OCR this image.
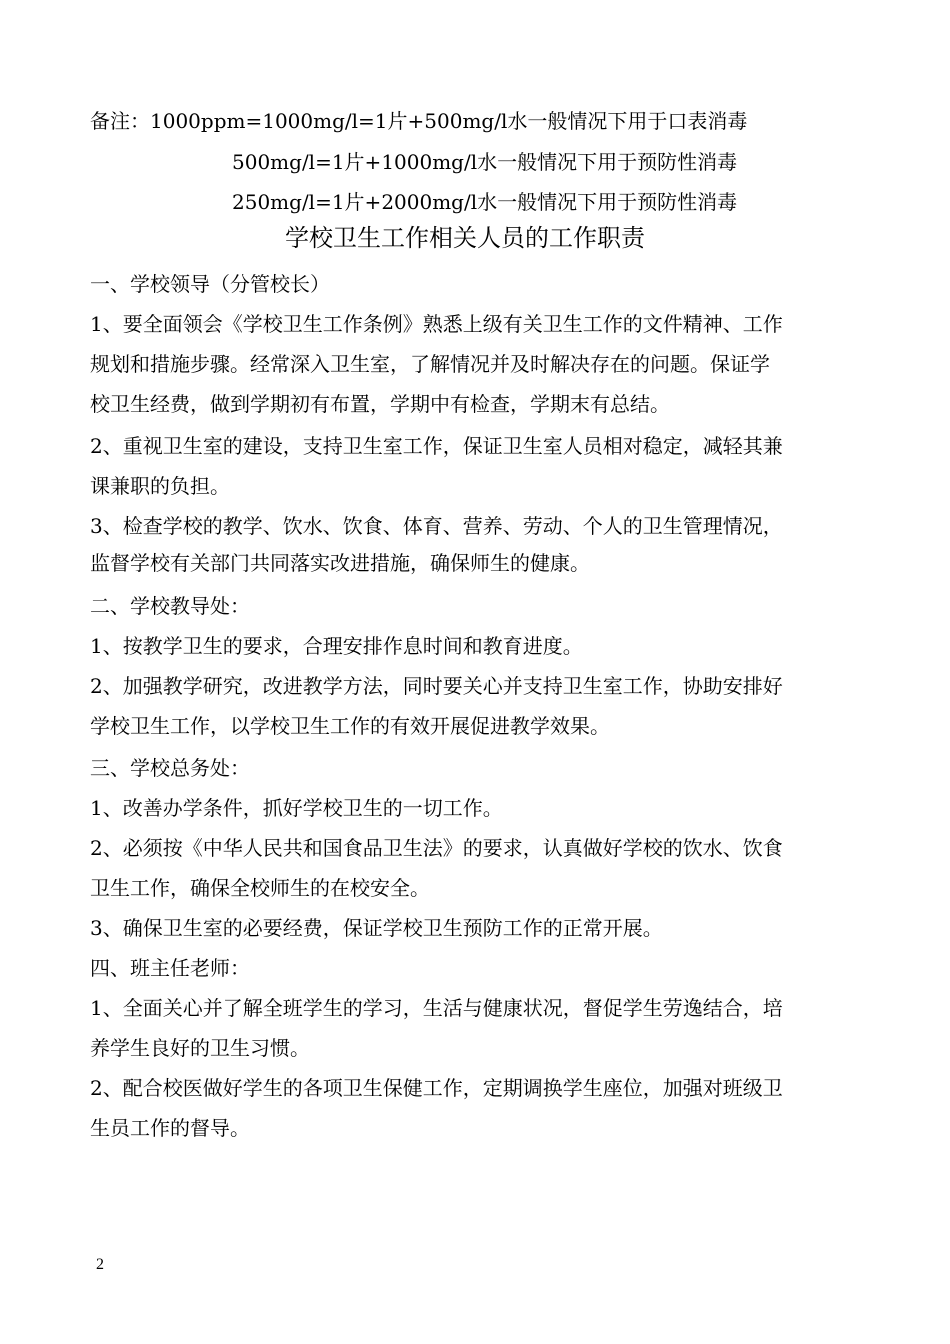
备注：1000ppm=1000mg/l=1片+500mg/l水一般情况下用于口表消毒
500mg/l=1片+1000mg/l水一般情况下用于预防性消毒
250mg/l=1片+2000mg/l水一般情况下用于预防性消毒
学校卫生工作相关人员的工作职责
一、学校领导（分管校长）
1、要全面领会《学校卫生工作条例》熟悉上级有关卫生工作的文件精神、工作
规划和措施步骤。经常深入卫生室，了解情况并及时解决存在的问题。保证学
校卫生经费，做到学期初有布置，学期中有检查，学期末有总结。
2、重视卫生室的建设，支持卫生室工作，保证卫生室人员相对稳定，减轻其兼
课兼职的负担。
3、检查学校的教学、饮水、饮食、体育、营养、劳动、个人的卫生管理情况，
监督学校有关部门共同落实改进措施，确保师生的健康。
二、学校教导处：
1、按教学卫生的要求，合理安排作息时间和教育进度。
2、加强教学研究，改进教学方法，同时要关心并支持卫生室工作，协助安排好
学校卫生工作，以学校卫生工作的有效开展促进教学效果。
三、学校总务处：
1、改善办学条件，抓好学校卫生的一切工作。
2、必须按《中华人民共和国食品卫生法》的要求，认真做好学校的饮水、饮食
卫生工作，确保全校师生的在校安全。
3、确保卫生室的必要经费，保证学校卫生预防工作的正常开展。
四、班主任老师：
1、全面关心并了解全班学生的学习，生活与健康状况，督促学生劳逸结合，培
养学生良好的卫生习惯。
2、配合校医做好学生的各项卫生保健工作，定期调换学生座位，加强对班级卫
生员工作的督导。
2
